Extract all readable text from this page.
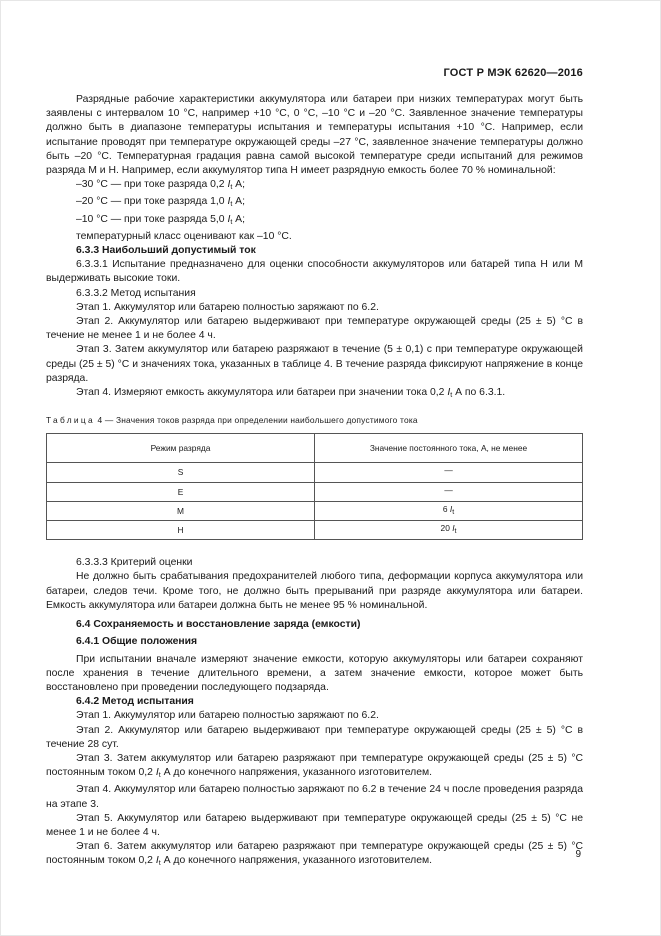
ГОСТ Р МЭК 62620—2016

Разрядные рабочие характеристики аккумулятора или батареи при низких температурах могут быть заявлены с интервалом 10 °С, например +10 °С, 0 °С, –10 °С и –20 °С. Заявленное значение температуры должно быть в диапазоне температуры испытания и температуры испытания +10 °С. Например, если испытание проводят при температуре окружающей среды –27 °С, заявленное значение температуры должно быть –20 °С. Температурная градация равна самой высокой температуре среди испытаний для режимов разряда М и Н. Например, если аккумулятор типа Н имеет разрядную емкость более 70 % номинальной:

–30 °С — при токе разряда 0,2 $I_t$ А;

–20 °С — при токе разряда 1,0 $I_t$ А;

–10 °С — при токе разряда 5,0 $I_t$ А;

температурный класс оценивают как –10 °С.

6.3.3 Наибольший допустимый ток

6.3.3.1 Испытание предназначено для оценки способности аккумуляторов или батарей типа Н или М выдерживать высокие токи.

6.3.3.2 Метод испытания

Этап 1. Аккумулятор или батарею полностью заряжают по 6.2.

Этап 2. Аккумулятор или батарею выдерживают при температуре окружающей среды (25 ± 5) °С в течение не менее 1 и не более 4 ч.

Этап 3. Затем аккумулятор или батарею разряжают в течение (5 ± 0,1) с при температуре окружающей среды (25 ± 5) °С и значениях тока, указанных в таблице 4. В течение разряда фиксируют напряжение в конце разряда.

Этап 4. Измеряют емкость аккумулятора или батареи при значении тока 0,2 $I_t$ А по 6.3.1.

Таблица 4 — Значения токов разряда при определении наибольшего допустимого тока

Режим разряда	Значение постоянного тока, А, не менее
S	—
E	—
M	6 $I_t$
H	20 $I_t$

6.3.3.3 Критерий оценки

Не должно быть срабатывания предохранителей любого типа, деформации корпуса аккумулятора или батареи, следов течи. Кроме того, не должно быть прерываний при разряде аккумулятора или батареи. Емкость аккумулятора или батареи должна быть не менее 95 % номинальной.

6.4 Сохраняемость и восстановление заряда (емкости)

6.4.1 Общие положения

При испытании вначале измеряют значение емкости, которую аккумуляторы или батареи сохраняют после хранения в течение длительного времени, а затем значение емкости, которое может быть восстановлено при проведении последующего подзаряда.

6.4.2 Метод испытания

Этап 1. Аккумулятор или батарею полностью заряжают по 6.2.

Этап 2. Аккумулятор или батарею выдерживают при температуре окружающей среды (25 ± 5) °С в течение 28 сут.

Этап 3. Затем аккумулятор или батарею разряжают при температуре окружающей среды (25 ± 5) °С постоянным током 0,2 $I_t$ А до конечного напряжения, указанного изготовителем.

Этап 4. Аккумулятор или батарею полностью заряжают по 6.2 в течение 24 ч после проведения разряда на этапе 3.

Этап 5. Аккумулятор или батарею выдерживают при температуре окружающей среды (25 ± 5) °С не менее 1 и не более 4 ч.

Этап 6. Затем аккумулятор или батарею разряжают при температуре окружающей среды (25 ± 5) °С постоянным током 0,2 $I_t$ А до конечного напряжения, указанного изготовителем.

9
